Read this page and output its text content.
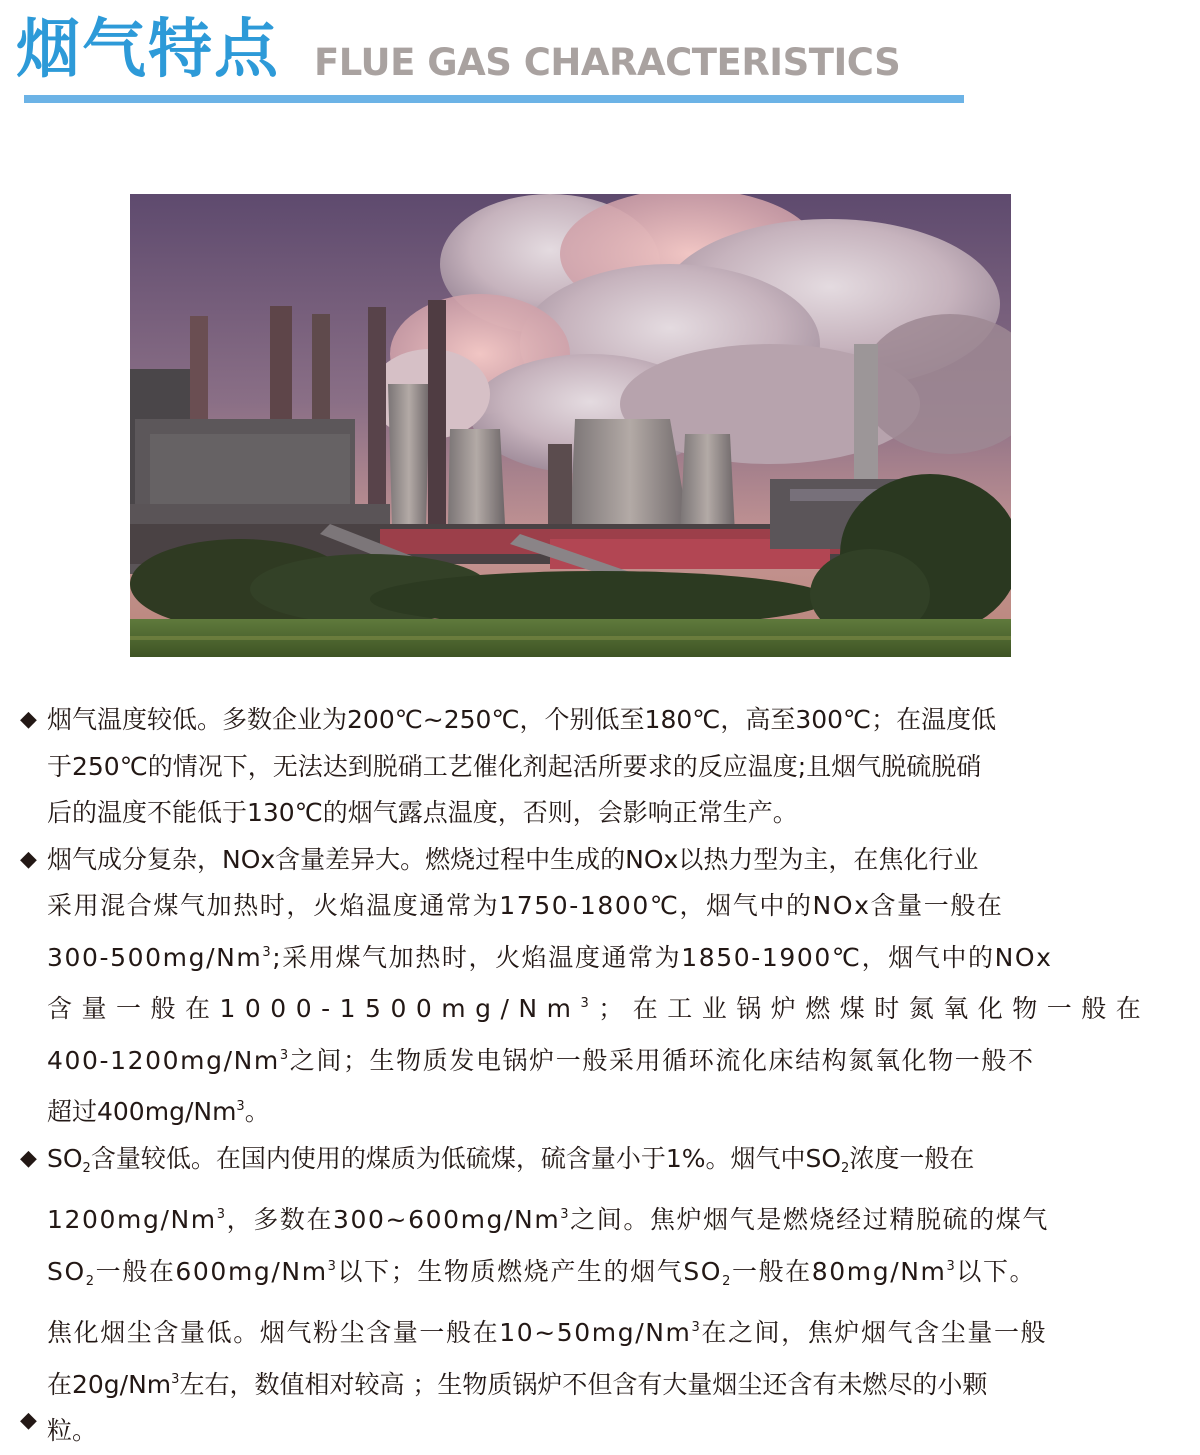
烟气特点 FLUE GAS CHARACTERISTICS
◆ 烟气温度较低。多数企业为200℃~250℃，个别低至180℃，高至300℃；在温度低
于250℃的情况下，无法达到脱硝工艺催化剂起活所要求的反应温度;且烟气脱硫脱硝
后的温度不能低于130℃的烟气露点温度，否则，会影响正常生产。
◆ 烟气成分复杂，NOx含量差异大。燃烧过程中生成的NOx以热力型为主，在焦化行业
采用混合煤气加热时，火焰温度通常为1750-1800℃，烟气中的NOx含量一般在
300-500mg/Nm$^3$;采用煤气加热时，火焰温度通常为1850-1900℃，烟气中的NOx
含量一般在1000-1500mg/Nm$^3$；在工业锅炉燃煤时氮氧化物一般在
400-1200mg/Nm$^3$之间；生物质发电锅炉一般采用循环流化床结构氮氧化物一般不
超过400mg/Nm$^3$。
◆ $SO_2$含量较低。在国内使用的煤质为低硫煤，硫含量小于1%。烟气中$SO_2$浓度一般在
1200mg/Nm$^3$，多数在300~600mg/Nm$^3$之间。焦炉烟气是燃烧经过精脱硫的煤气
$SO_2$一般在600mg/Nm$^3$以下；生物质燃烧产生的烟气$SO_2$一般在80mg/Nm$^3$以下。
◆
焦化烟尘含量低。烟气粉尘含量一般在10~50mg/Nm$^3$在之间，焦炉烟气含尘量一般
在20g/Nm$^3$左右，数值相对较高 ；生物质锅炉不但含有大量烟尘还含有未燃尽的小颗
粒。
